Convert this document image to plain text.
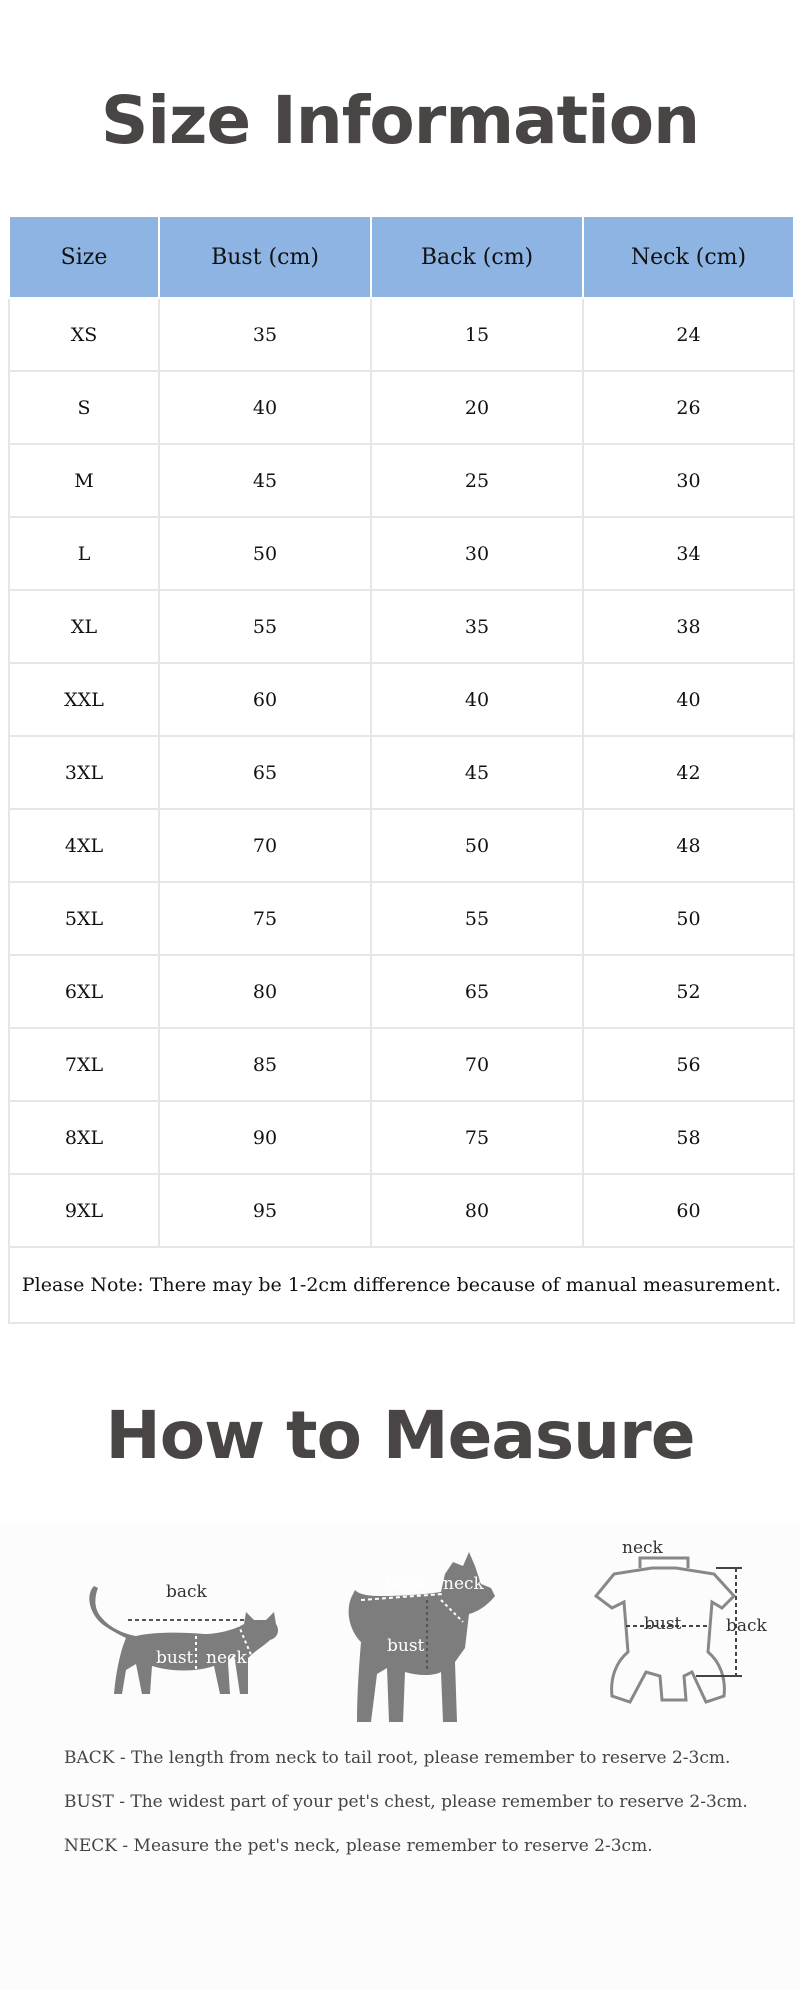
Size Information
Size	Bust (cm)	Back (cm)	Neck (cm)
XS	35	15	24
S	40	20	26
M	45	25	30
L	50	30	34
XL	55	35	38
XXL	60	40	40
3XL	65	45	42
4XL	70	50	48
5XL	75	55	50
6XL	80	65	52
7XL	85	70	56
8XL	90	75	58
9XL	95	80	60
Please Note: There may be 1-2cm difference because of manual measurement.			
How to Measure
back
bust neck
back
bust
neck
neck
bust	back
BACK - The length from neck to tail root, please remember to reserve 2-3cm.
BUST - The widest part of your pet's chest, please remember to reserve 2-3cm.
NECK - Measure the pet's neck, please remember to reserve 2-3cm.
